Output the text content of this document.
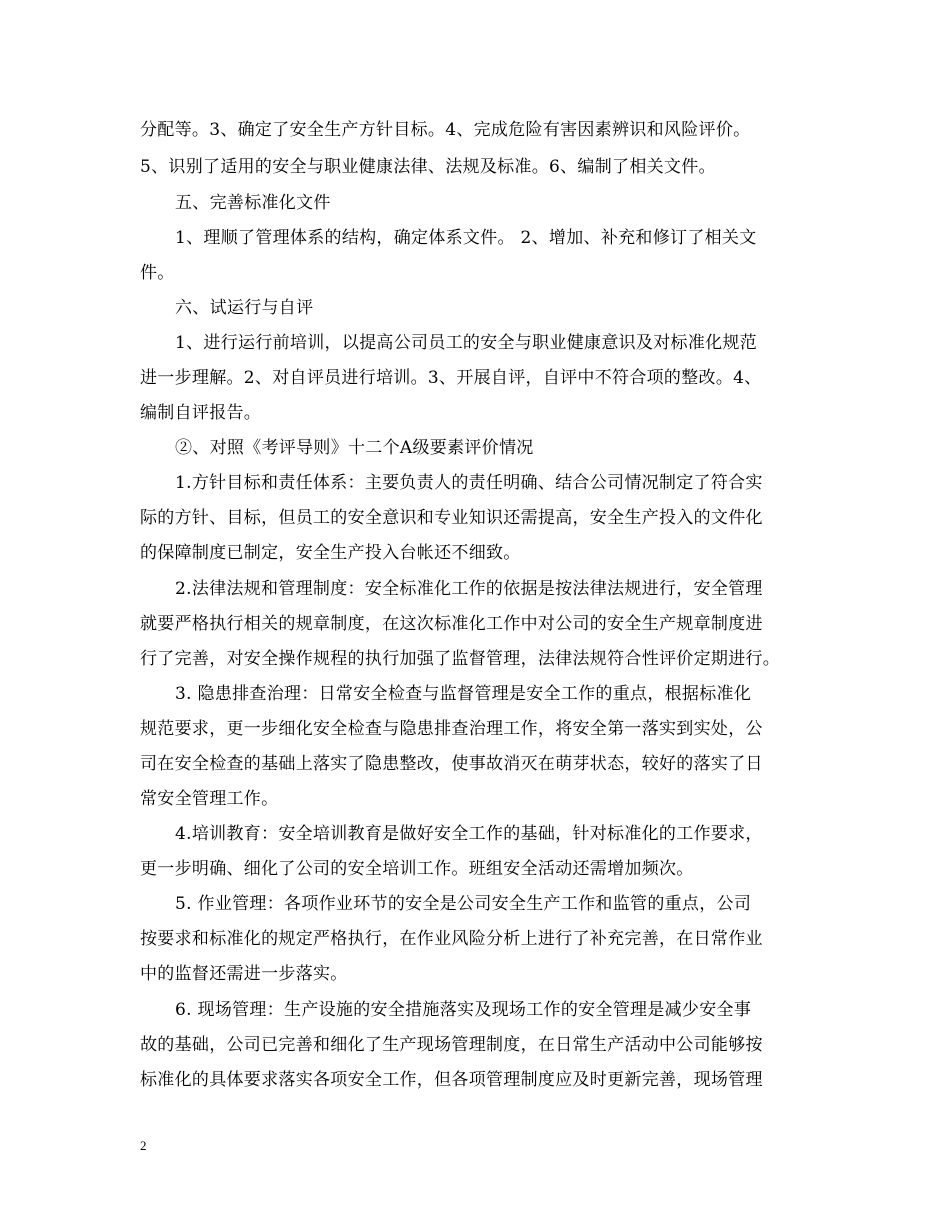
分配等。3、确定了安全生产方针目标。4、完成危险有害因素辨识和风险评价。
5、识别了适用的安全与职业健康法律、法规及标准。6、编制了相关文件。
五、完善标准化文件
1、理顺了管理体系的结构，确定体系文件。 2、增加、补充和修订了相关文
件。
六、试运行与自评
1、进行运行前培训，以提高公司员工的安全与职业健康意识及对标准化规范
进一步理解。2、对自评员进行培训。3、开展自评，自评中不符合项的整改。4、
编制自评报告。
②、对照《考评导则》十二个A级要素评价情况
1.方针目标和责任体系：主要负责人的责任明确、结合公司情况制定了符合实
际的方针、目标，但员工的安全意识和专业知识还需提高，安全生产投入的文件化
的保障制度已制定，安全生产投入台帐还不细致。
2.法律法规和管理制度：安全标准化工作的依据是按法律法规进行，安全管理
就要严格执行相关的规章制度，在这次标准化工作中对公司的安全生产规章制度进
行了完善，对安全操作规程的执行加强了监督管理，法律法规符合性评价定期进行。
3. 隐患排查治理：日常安全检查与监督管理是安全工作的重点，根据标准化
规范要求，更一步细化安全检查与隐患排查治理工作，将安全第一落实到实处，公
司在安全检查的基础上落实了隐患整改，使事故消灭在萌芽状态，较好的落实了日
常安全管理工作。
4.培训教育：安全培训教育是做好安全工作的基础，针对标准化的工作要求，
更一步明确、细化了公司的安全培训工作。班组安全活动还需增加频次。
5. 作业管理：各项作业环节的安全是公司安全生产工作和监管的重点，公司
按要求和标准化的规定严格执行，在作业风险分析上进行了补充完善，在日常作业
中的监督还需进一步落实。
6. 现场管理：生产设施的安全措施落实及现场工作的安全管理是减少安全事
故的基础，公司已完善和细化了生产现场管理制度，在日常生产活动中公司能够按
标准化的具体要求落实各项安全工作，但各项管理制度应及时更新完善，现场管理
2
